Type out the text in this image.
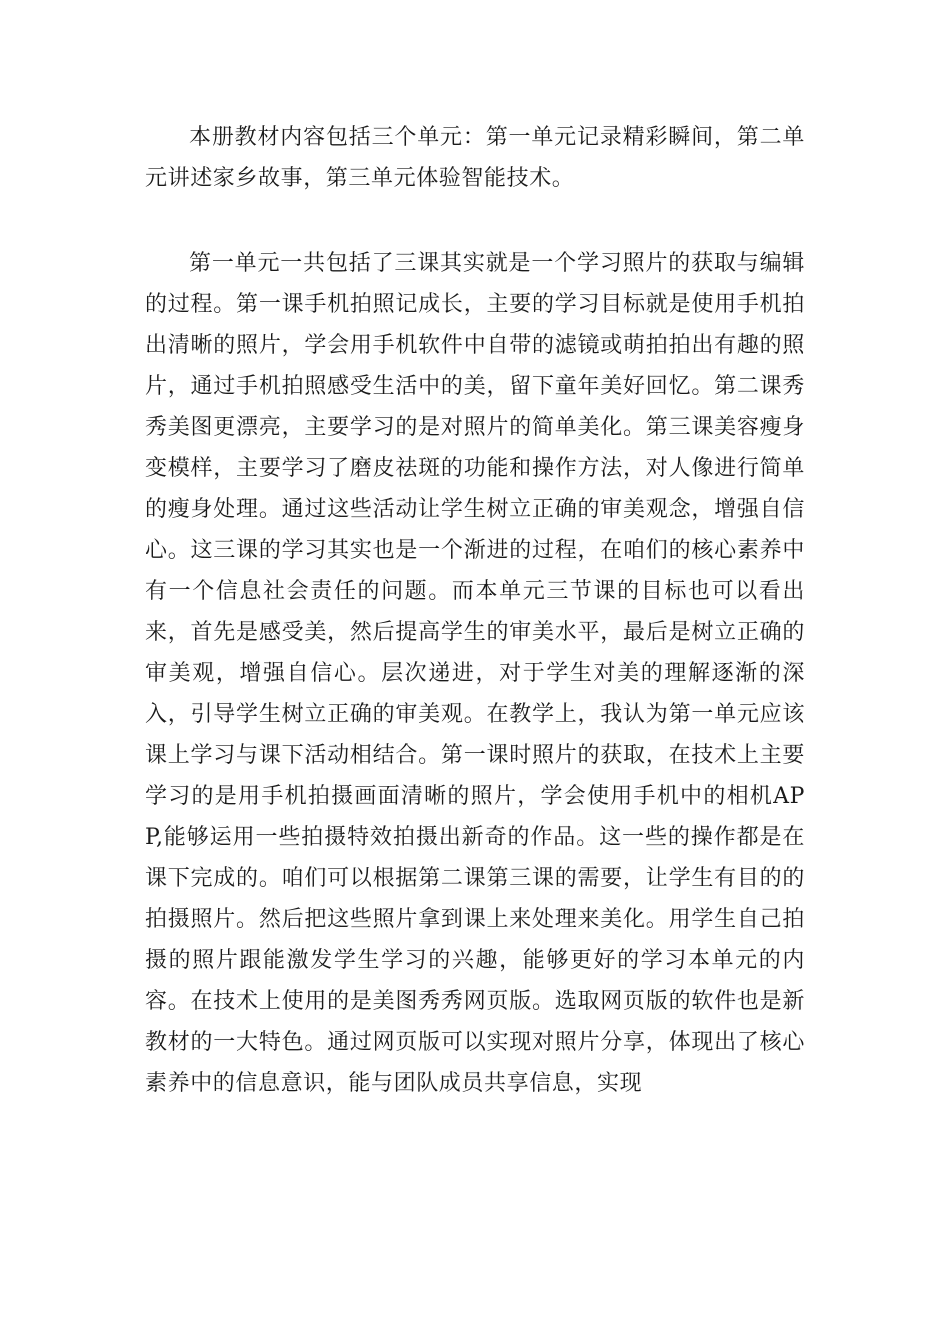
本册教材内容包括三个单元：第一单元记录精彩瞬间，第二单元讲述家乡故事，第三单元体验智能技术。

第一单元一共包括了三课其实就是一个学习照片的获取与编辑的过程。第一课手机拍照记成长，主要的学习目标就是使用手机拍出清晰的照片，学会用手机软件中自带的滤镜或萌拍拍出有趣的照片，通过手机拍照感受生活中的美，留下童年美好回忆。第二课秀秀美图更漂亮，主要学习的是对照片的简单美化。第三课美容瘦身变模样，主要学习了磨皮祛斑的功能和操作方法，对人像进行简单的瘦身处理。通过这些活动让学生树立正确的审美观念，增强自信心。这三课的学习其实也是一个渐进的过程，在咱们的核心素养中有一个信息社会责任的问题。而本单元三节课的目标也可以看出来，首先是感受美，然后提高学生的审美水平，最后是树立正确的审美观，增强自信心。层次递进，对于学生对美的理解逐渐的深入，引导学生树立正确的审美观。在教学上，我认为第一单元应该课上学习与课下活动相结合。第一课时照片的获取，在技术上主要学习的是用手机拍摄画面清晰的照片，学会使用手机中的相机APP,能够运用一些拍摄特效拍摄出新奇的作品。这一些的操作都是在课下完成的。咱们可以根据第二课第三课的需要，让学生有目的的拍摄照片。然后把这些照片拿到课上来处理来美化。用学生自己拍摄的照片跟能激发学生学习的兴趣，能够更好的学习本单元的内容。在技术上使用的是美图秀秀网页版。选取网页版的软件也是新教材的一大特色。通过网页版可以实现对照片分享，体现出了核心素养中的信息意识，能与团队成员共享信息，实现
